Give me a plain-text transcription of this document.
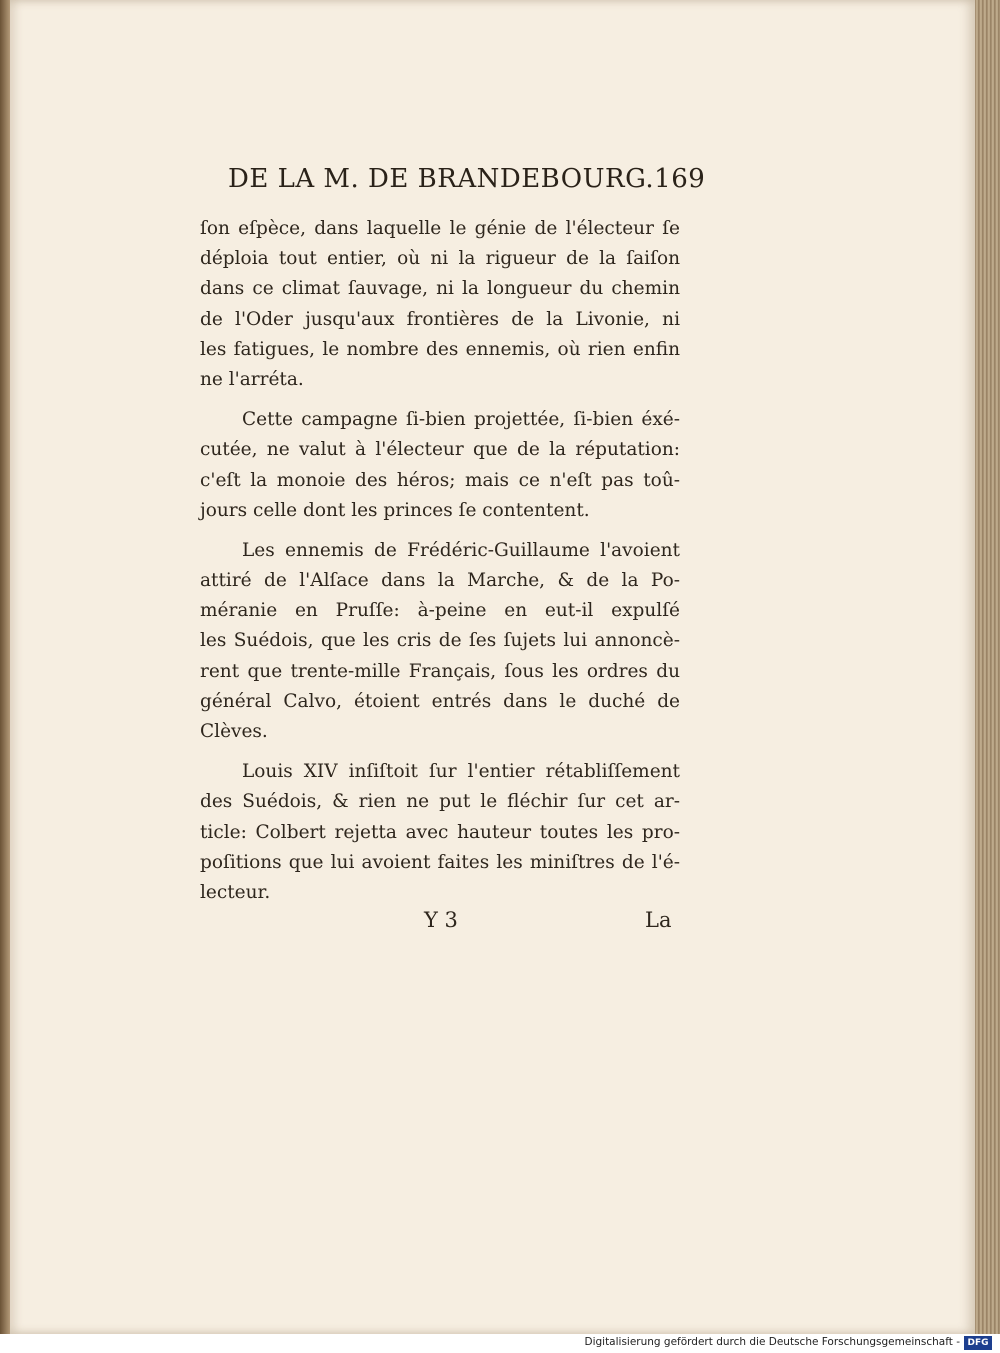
DE LA M. DE BRANDEBOURG. 169
ſon eſpèce, dans laquelle le génie de l'électeur ſe
déploia tout entier, où ni la rigueur de la ſaiſon
dans ce climat ſauvage, ni la longueur du chemin
de l'Oder jusqu'aux frontières de la Livonie, ni
les fatigues, le nombre des ennemis, où rien enfin
ne l'arréta.
Cette campagne ſi-bien projettée, ſi-bien éxé-
cutée, ne valut à l'électeur que de la réputation:
c'eſt la monoie des héros; mais ce n'eſt pas toû-
jours celle dont les princes ſe contentent.
Les ennemis de Frédéric-Guillaume l'avoient
attiré de l'Alſace dans la Marche, & de la Po-
méranie en Pruſſe: à-peine en eut-il expulſé
les Suédois, que les cris de ſes ſujets lui annoncè-
rent que trente-mille Français, ſous les ordres du
général Calvo, étoient entrés dans le duché de
Clèves.
Louis XIV inſiſtoit ſur l'entier rétabliſſement
des Suédois, & rien ne put le fléchir ſur cet ar-
ticle: Colbert rejetta avec hauteur toutes les pro-
poſitions que lui avoient faites les miniſtres de l'é-
lecteur.
Y 3	La
Digitalisierung gefördert durch die Deutsche Forschungsgemeinschaft - DFG
